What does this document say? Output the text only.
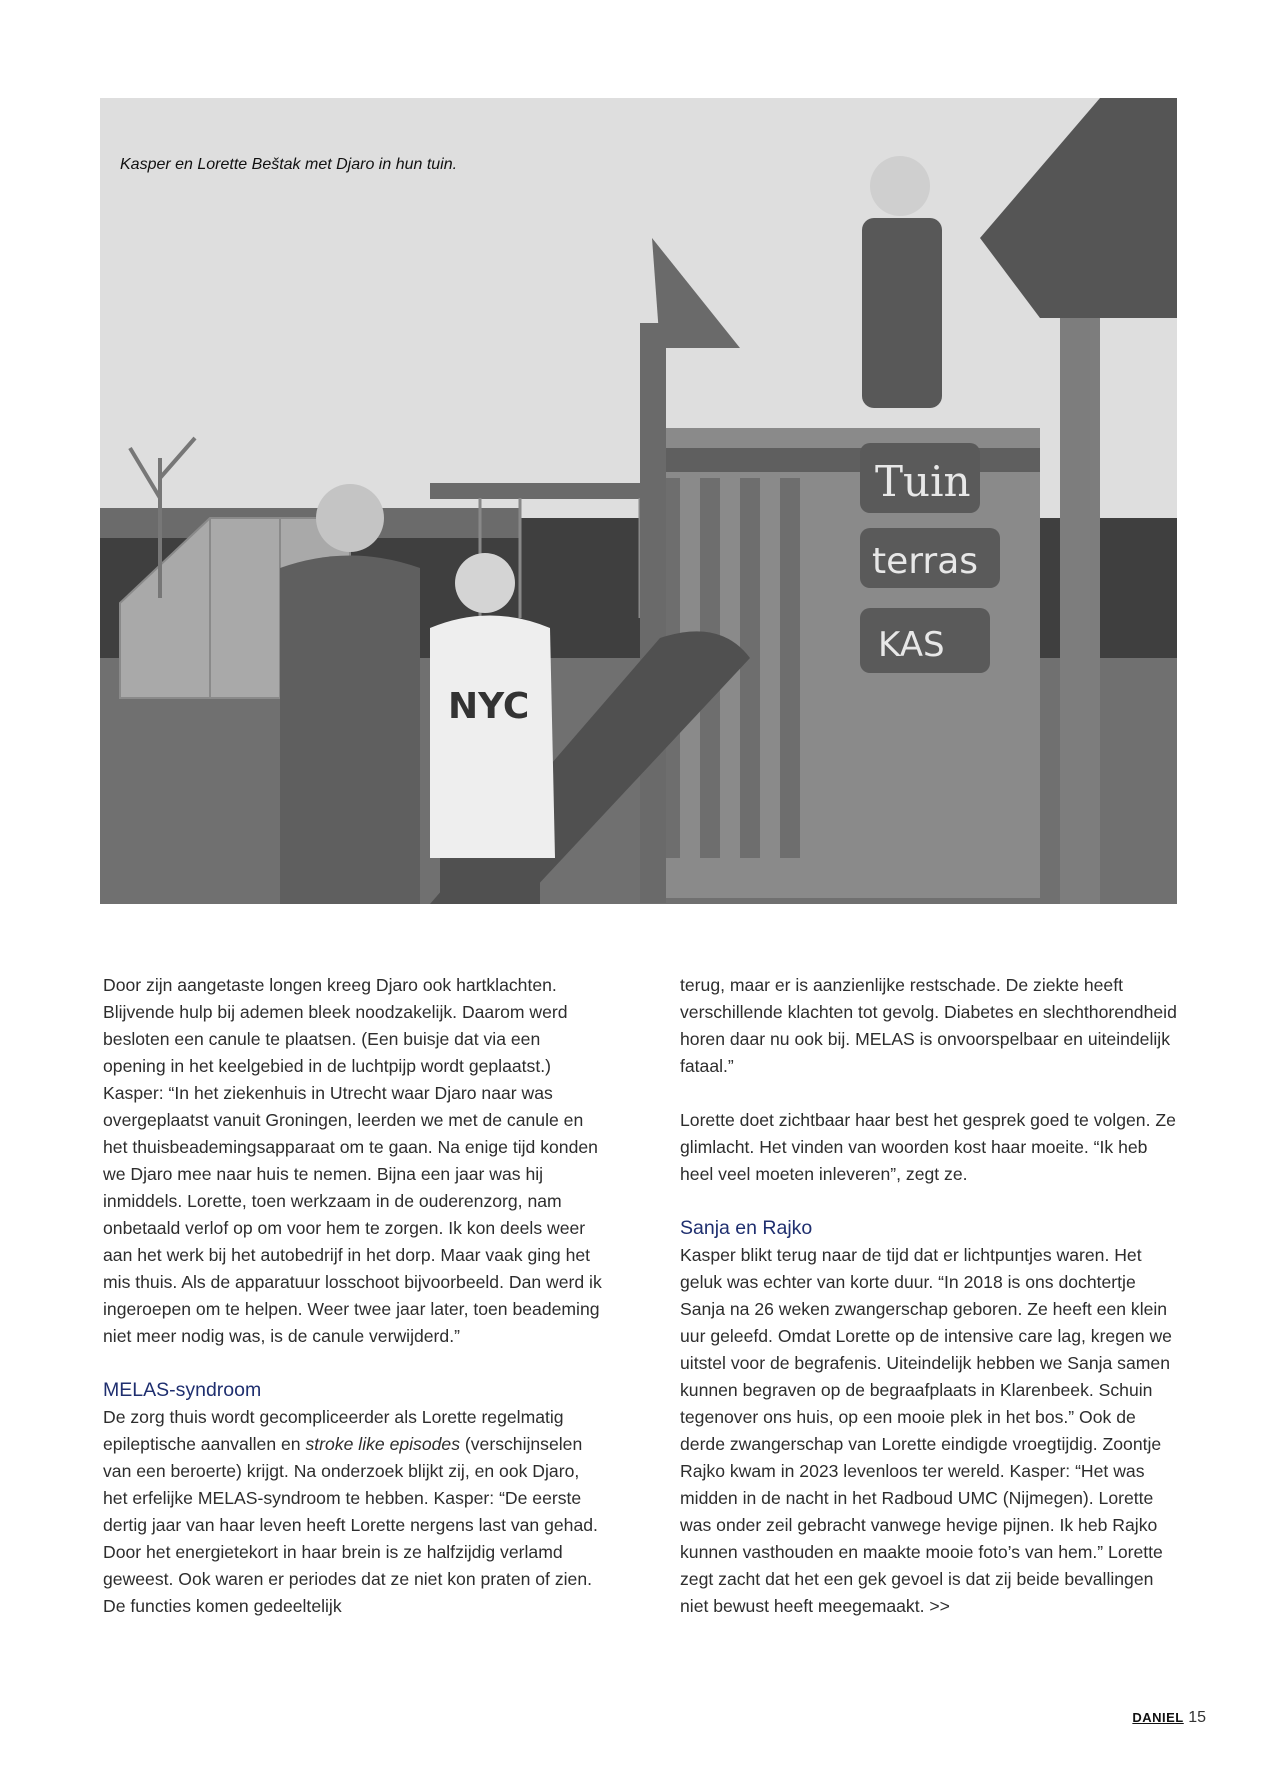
Tuin
terras
KAS
NYC
Kasper en Lorette Beštak met Djaro in hun tuin.

Door zijn aangetaste longen kreeg Djaro ook hartklachten. Blijvende hulp bij ademen bleek noodzakelijk. Daarom werd besloten een canule te plaatsen. (Een buisje dat via een opening in het keelgebied in de luchtpijp wordt geplaatst.) Kasper: “In het ziekenhuis in Utrecht waar Djaro naar was overgeplaatst vanuit Groningen, leerden we met de canule en het thuisbeademingsapparaat om te gaan. Na enige tijd konden we Djaro mee naar huis te nemen. Bijna een jaar was hij inmiddels. Lorette, toen werkzaam in de ouderenzorg, nam onbetaald verlof op om voor hem te zorgen. Ik kon deels weer aan het werk bij het autobedrijf in het dorp. Maar vaak ging het mis thuis. Als de apparatuur losschoot bijvoorbeeld. Dan werd ik ingeroepen om te helpen. Weer twee jaar later, toen beademing niet meer nodig was, is de canule verwijderd.”

MELAS-syndroom

De zorg thuis wordt gecompliceerder als Lorette regelmatig epileptische aanvallen en stroke like episodes (verschijnselen van een beroerte) krijgt. Na onderzoek blijkt zij, en ook Djaro, het erfelijke MELAS-syndroom te hebben. Kasper: “De eerste dertig jaar van haar leven heeft Lorette nergens last van gehad. Door het energietekort in haar brein is ze halfzijdig verlamd geweest. Ook waren er periodes dat ze niet kon praten of zien. De functies komen gedeeltelijk

terug, maar er is aanzienlijke restschade. De ziekte heeft verschillende klachten tot gevolg. Diabetes en slechthorendheid horen daar nu ook bij. MELAS is onvoorspelbaar en uiteindelijk fataal.”

Lorette doet zichtbaar haar best het gesprek goed te volgen. Ze glimlacht. Het vinden van woorden kost haar moeite. “Ik heb heel veel moeten inleveren”, zegt ze.

Sanja en Rajko

Kasper blikt terug naar de tijd dat er lichtpuntjes waren. Het geluk was echter van korte duur. “In 2018 is ons dochtertje Sanja na 26 weken zwangerschap geboren. Ze heeft een klein uur geleefd. Omdat Lorette op de intensive care lag, kregen we uitstel voor de begrafenis. Uiteindelijk hebben we Sanja samen kunnen begraven op de begraafplaats in Klarenbeek. Schuin tegenover ons huis, op een mooie plek in het bos.” Ook de derde zwangerschap van Lorette eindigde vroegtijdig. Zoontje Rajko kwam in 2023 levenloos ter wereld. Kasper: “Het was midden in de nacht in het Radboud UMC (Nijmegen). Lorette was onder zeil gebracht vanwege hevige pijnen. Ik heb Rajko kunnen vasthouden en maakte mooie foto’s van hem.” Lorette zegt zacht dat het een gek gevoel is dat zij beide bevallingen niet bewust heeft meegemaakt. >>

DANIEL 15
